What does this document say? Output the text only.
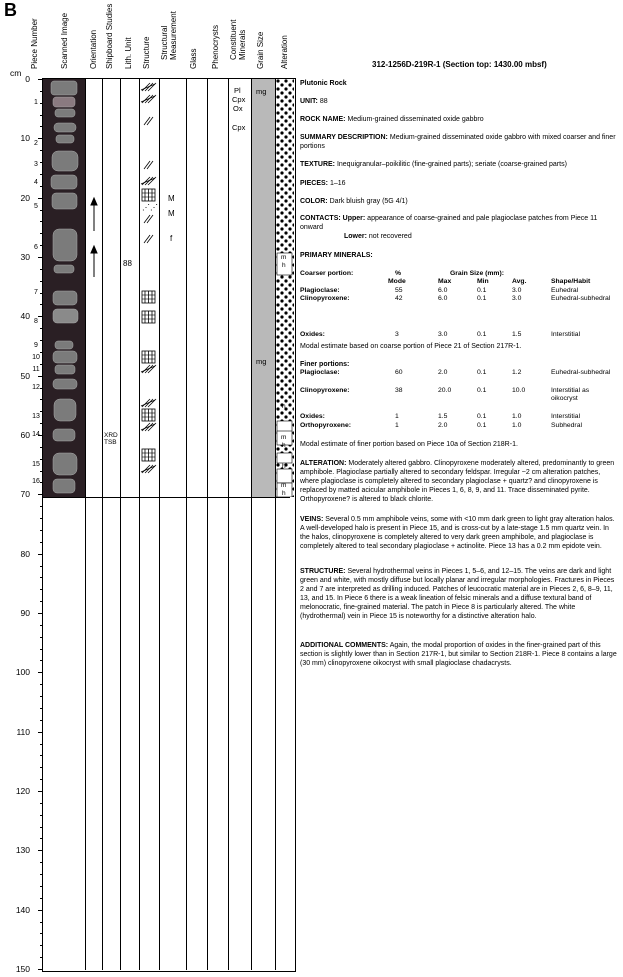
B
Piece Number	Scanned Image	Orientation Shipboard Studies Lith. Unit Structure Structural Measurement Glass Phenocrysts Constituent Minerals Grain Size Alteration
cm
0
10
20
30
40
50
60
70
80
90
100
110
120
130
140
150
1
2
3
4
5
6
7
8
9
10
11
12
13
14
15
16
XRD
TSB
88
⋰⋰
M
M
f
Pl
Cpx
Ox
Cpx
mg
mg
m
h
h
m
h
h
m
h
312-1256D-219R-1 (Section top: 1430.00 mbsf)
Plutonic Rock
UNIT: 88
ROCK NAME: Medium-grained disseminated oxide gabbro
SUMMARY DESCRIPTION: Medium-grained disseminated oxide gabbro with mixed coarser and finer portions
TEXTURE: Inequigranular–poikilitic (fine-grained parts); seriate (coarse-grained parts)
PIECES: 1–16
COLOR: Dark bluish gray (5G 4/1)
CONTACTS: Upper: appearance of coarse-grained and pale plagioclase patches from Piece 11 onward
Lower: not recovered
PRIMARY MINERALS:
Coarser portion:	%
Mode
Grain Size (mm):
Max	Min	Avg.	Shape/Habit
Plagioclase:	55	6.0	0.1	3.0	Euhedral
Clinopyroxene:	42	6.0	0.1	3.0	Euhedral-subhedral
Oxides:	3	3.0	0.1	1.5	Interstitial
Modal estimate based on coarse portion of Piece 21 of Section 217R-1.
Finer portions:
Plagioclase:	60	2.0	0.1	1.2	Euhedral-subhedral
Clinopyroxene:	38	20.0	0.1	10.0	Interstitial as oikocryst
Oxides:	1	1.5	0.1	1.0	Interstitial
Orthopyroxene:	1	2.0	0.1	1.0	Subhedral
Modal estimate of finer portion based on Piece 10a of Section 218R-1.
ALTERATION: Moderately altered gabbro. Clinopyroxene moderately altered, predominantly to green amphibole. Plagioclase partially altered to secondary feldspar. Irregular ~2 cm alteration patches, where plagioclase is completely altered to secondary plagioclase + quartz? and clinopyroxene is replaced by matted acicular amphibole in Pieces 1, 6, 8, 9, and 11. Trace disseminated pyrite. Orthopyroxene? is altered to black chlorite.
VEINS: Several 0.5 mm amphibole veins, some with <10 mm dark green to light gray alteration halos. A well-developed halo is present in Piece 15, and is cross-cut by a late-stage 1.5 mm quartz vein. In the halos, clinopyroxene is completely altered to very dark green amphibole, and plagioclase is completely altered to teal secondary plagioclase + actinolite. Piece 13 has a 0.2 mm epidote vein.
STRUCTURE: Several hydrothermal veins in Pieces 1, 5–6, and 12–15. The veins are dark and light green and white, with mostly diffuse but locally planar and irregular morphologies. Fractures in Pieces 2 and 7 are interpreted as drilling induced. Patches of leucocratic material are in Pieces 2, 6, 8–9, 11, 13, and 15. In Piece 6 there is a weak lineation of felsic minerals and a diffuse textural band of melonocratic, fine-grained material. The patch in Piece 8 is particularly altered. The white (hydrothermal) vein in Piece 15 is noteworthy for a distinctive alteration halo.
ADDITIONAL COMMENTS: Again, the modal proportion of oxides in the finer-grained part of this section is slightly lower than in Section 217R-1, but similar to Section 218R-1. Piece 8 contains a large (30 mm) clinopyroxene oikocryst with small plagioclase chadacrysts.
